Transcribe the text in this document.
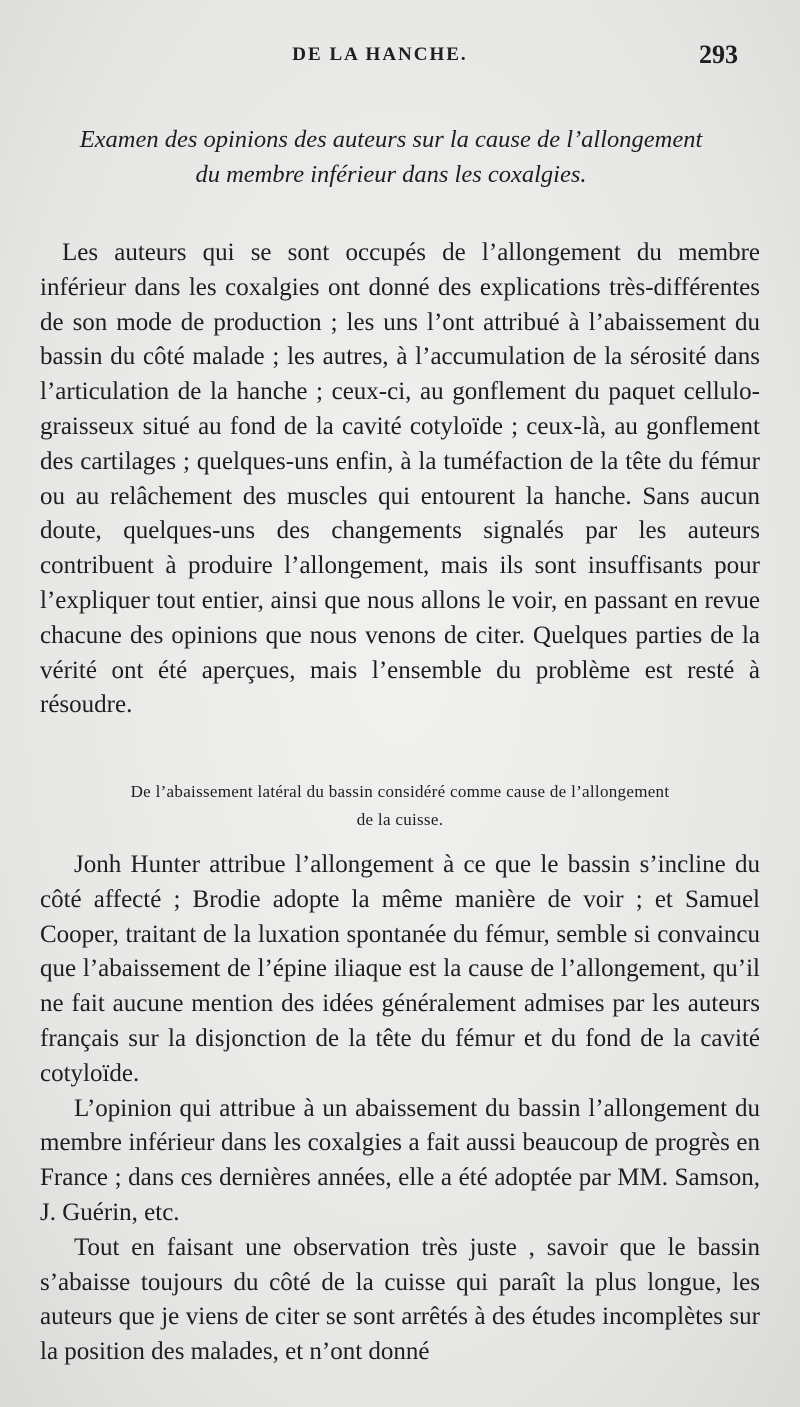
DE LA HANCHE.	293
Examen des opinions des auteurs sur la cause de l’allongement
du membre inférieur dans les coxalgies.

Les auteurs qui se sont occupés de l’allongement du membre inférieur dans les coxalgies ont donné des explications très-différentes de son mode de production ; les uns l’ont attribué à l’abaissement du bassin du côté malade ; les autres, à l’accumulation de la sérosité dans l’articulation de la hanche ; ceux-ci, au gonflement du paquet cellulo-graisseux situé au fond de la cavité cotyloïde ; ceux-là, au gonflement des cartilages ; quelques-uns enfin, à la tuméfaction de la tête du fémur ou au relâchement des muscles qui entourent la hanche. Sans aucun doute, quelques-uns des changements signalés par les auteurs contribuent à produire l’allongement, mais ils sont insuffisants pour l’expliquer tout entier, ainsi que nous allons le voir, en passant en revue chacune des opinions que nous venons de citer. Quelques parties de la vérité ont été aperçues, mais l’ensemble du problème est resté à résoudre.

De l’abaissement latéral du bassin considéré comme cause de l’allongement
de la cuisse.

Jonh Hunter attribue l’allongement à ce que le bassin s’incline du côté affecté ; Brodie adopte la même manière de voir ; et Samuel Cooper, traitant de la luxation spontanée du fémur, semble si convaincu que l’abaissement de l’épine iliaque est la cause de l’allongement, qu’il ne fait aucune mention des idées généralement admises par les auteurs français sur la disjonction de la tête du fémur et du fond de la cavité cotyloïde.

L’opinion qui attribue à un abaissement du bassin l’allongement du membre inférieur dans les coxalgies a fait aussi beaucoup de progrès en France ; dans ces dernières années, elle a été adoptée par MM. Samson, J. Guérin, etc.

Tout en faisant une observation très juste , savoir que le bassin s’abaisse toujours du côté de la cuisse qui paraît la plus longue, les auteurs que je viens de citer se sont arrêtés à des études incomplètes sur la position des malades, et n’ont donné
